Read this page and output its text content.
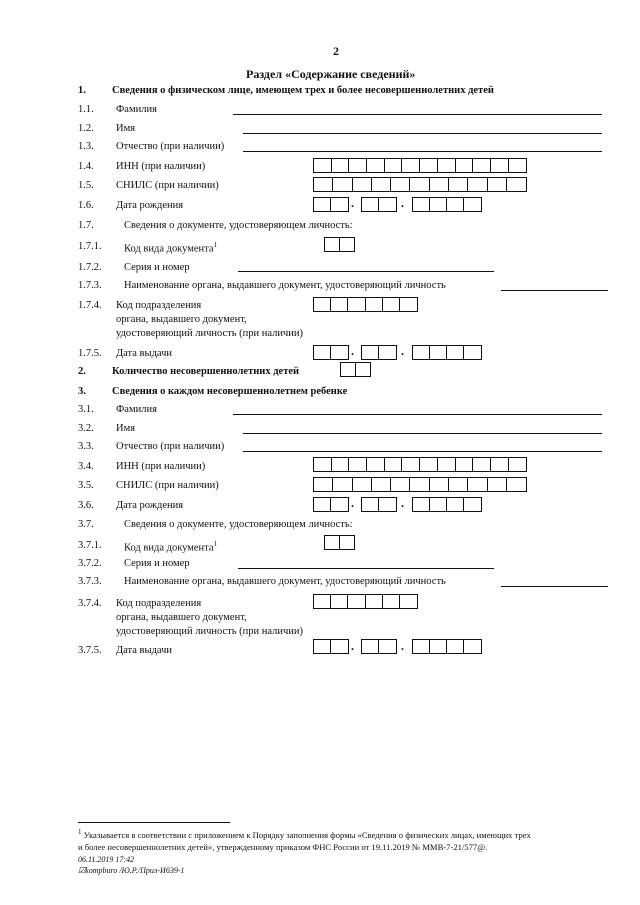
2
Раздел «Содержание сведений»
1. Сведения о физическом лице, имеющем трех и более несовершеннолетних детей
1.1. Фамилия
1.2. Имя
1.3. Отчество (при наличии)
1.4. ИНН (при наличии)
1.5. СНИЛС (при наличии)
1.6. Дата рождения	.	.
1.7.	Сведения о документе, удостоверяющем личность:
1.7.1. Код вида документа$^1$
1.7.2. Серия и номер
1.7.3. Наименование органа, выдавшего документ, удостоверяющий личность
1.7.4. Код подразделения
органа, выдавшего документ,
удостоверяющий личность (при наличии)
1.7.5. Дата выдачи	.	.
2. Количество несовершеннолетних детей
3. Сведения о каждом несовершеннолетнем ребенке
3.1. Фамилия
3.2. Имя
3.3. Отчество (при наличии)
3.4. ИНН (при наличии)
3.5. СНИЛС (при наличии)
3.6. Дата рождения	.	.
3.7.	Сведения о документе, удостоверяющем личность:
3.7.1. Код вида документа$^1$
3.7.2. Серия и номер
3.7.3. Наименование органа, выдавшего документ, удостоверяющий личность
3.7.4. Код подразделения
органа, выдавшего документ,
удостоверяющий личность (при наличии)
3.7.5. Дата выдачи	.	.
$^1$ Указывается в соответствии с приложением к Порядку заполнения формы «Сведения о физических лицах, имеющих трех
и более несовершеннолетних детей», утвержденному приказом ФНС России от 19.11.2019 № ММВ-7-21/577@.
06.11.2019 17:42
☑kompburo /Ю.Р./Прил-И639-1
